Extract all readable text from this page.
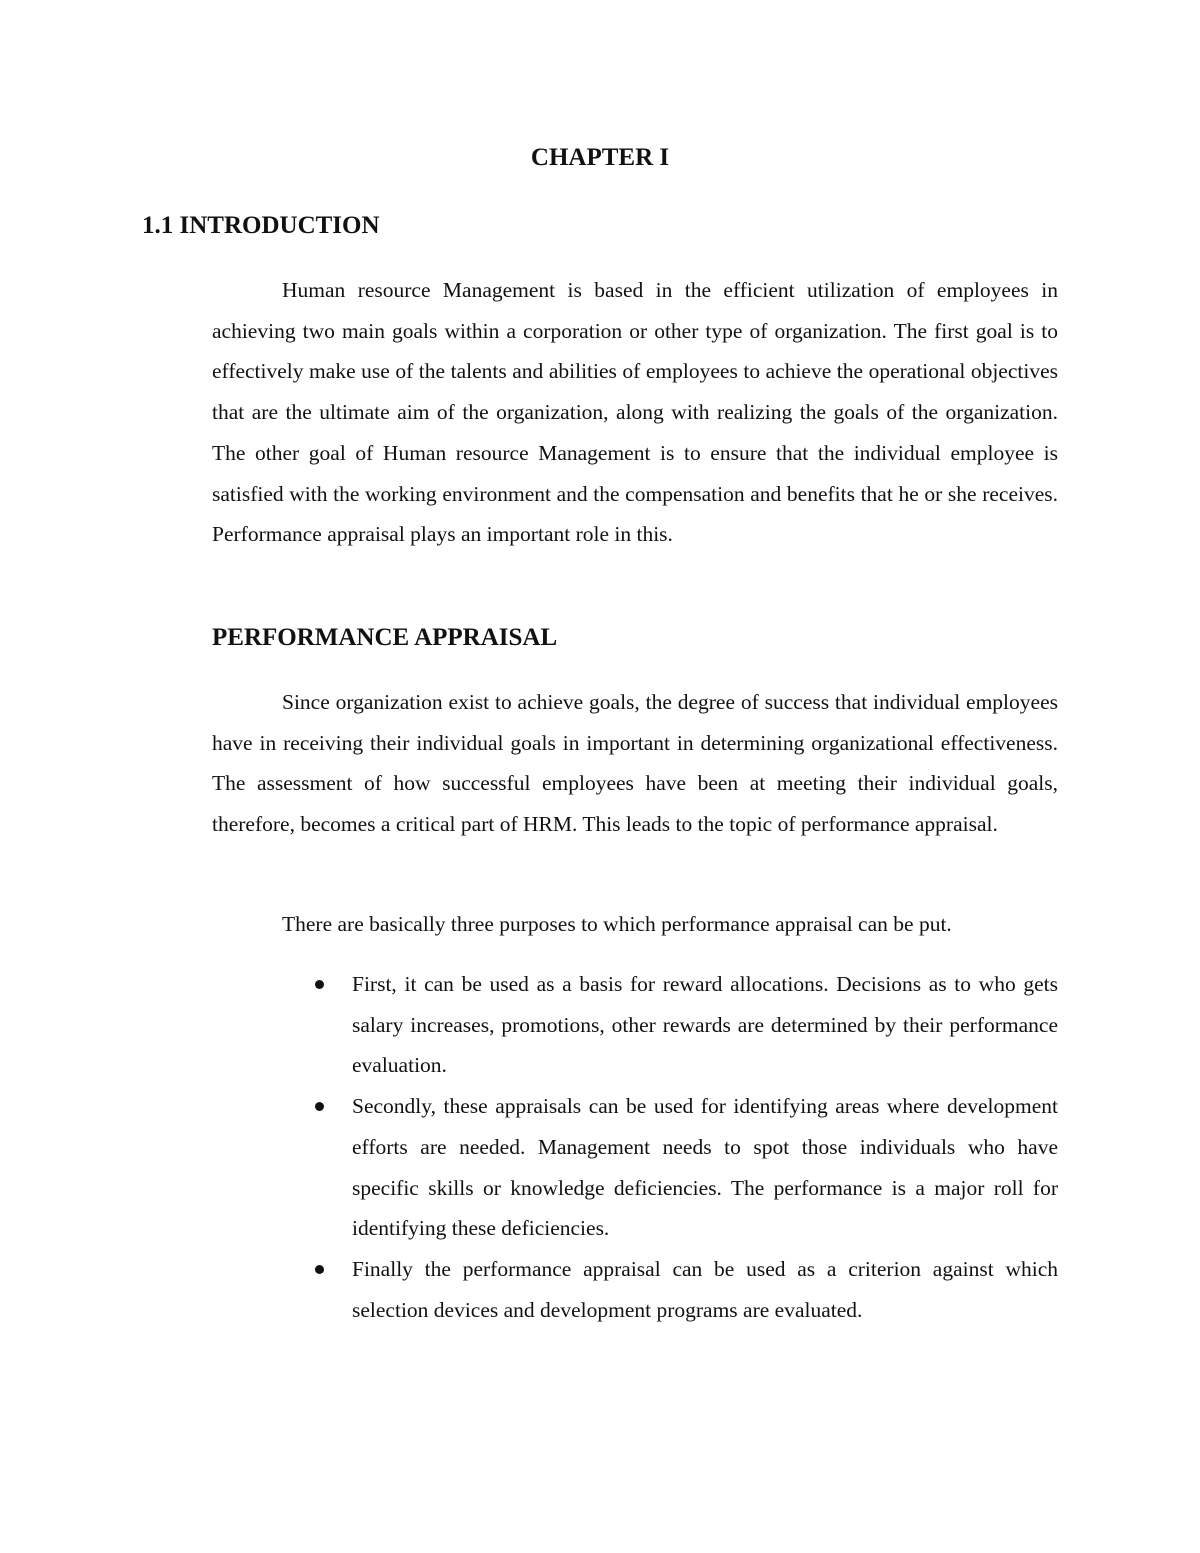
CHAPTER I
1.1 INTRODUCTION

Human resource Management is based in the efficient utilization of employees in achieving two main goals within a corporation or other type of organization. The first goal is to effectively make use of the talents and abilities of employees to achieve the operational objectives that are the ultimate aim of the organization, along with realizing the goals of the organization. The other goal of Human resource Management is to ensure that the individual employee is satisfied with the working environment and the compensation and benefits that he or she receives. Performance appraisal plays an important role in this.

PERFORMANCE APPRAISAL

Since organization exist to achieve goals, the degree of success that individual employees have in receiving their individual goals in important in determining organizational effectiveness. The assessment of how successful employees have been at meeting their individual goals, therefore, becomes a critical part of HRM. This leads to the topic of performance appraisal.

There are basically three purposes to which performance appraisal can be put.

First, it can be used as a basis for reward allocations. Decisions as to who gets salary increases, promotions, other rewards are determined by their performance evaluation.
Secondly, these appraisals can be used for identifying areas where development efforts are needed. Management needs to spot those individuals who have specific skills or knowledge deficiencies. The performance is a major roll for identifying these deficiencies.
Finally the performance appraisal can be used as a criterion against which selection devices and development programs are evaluated.
